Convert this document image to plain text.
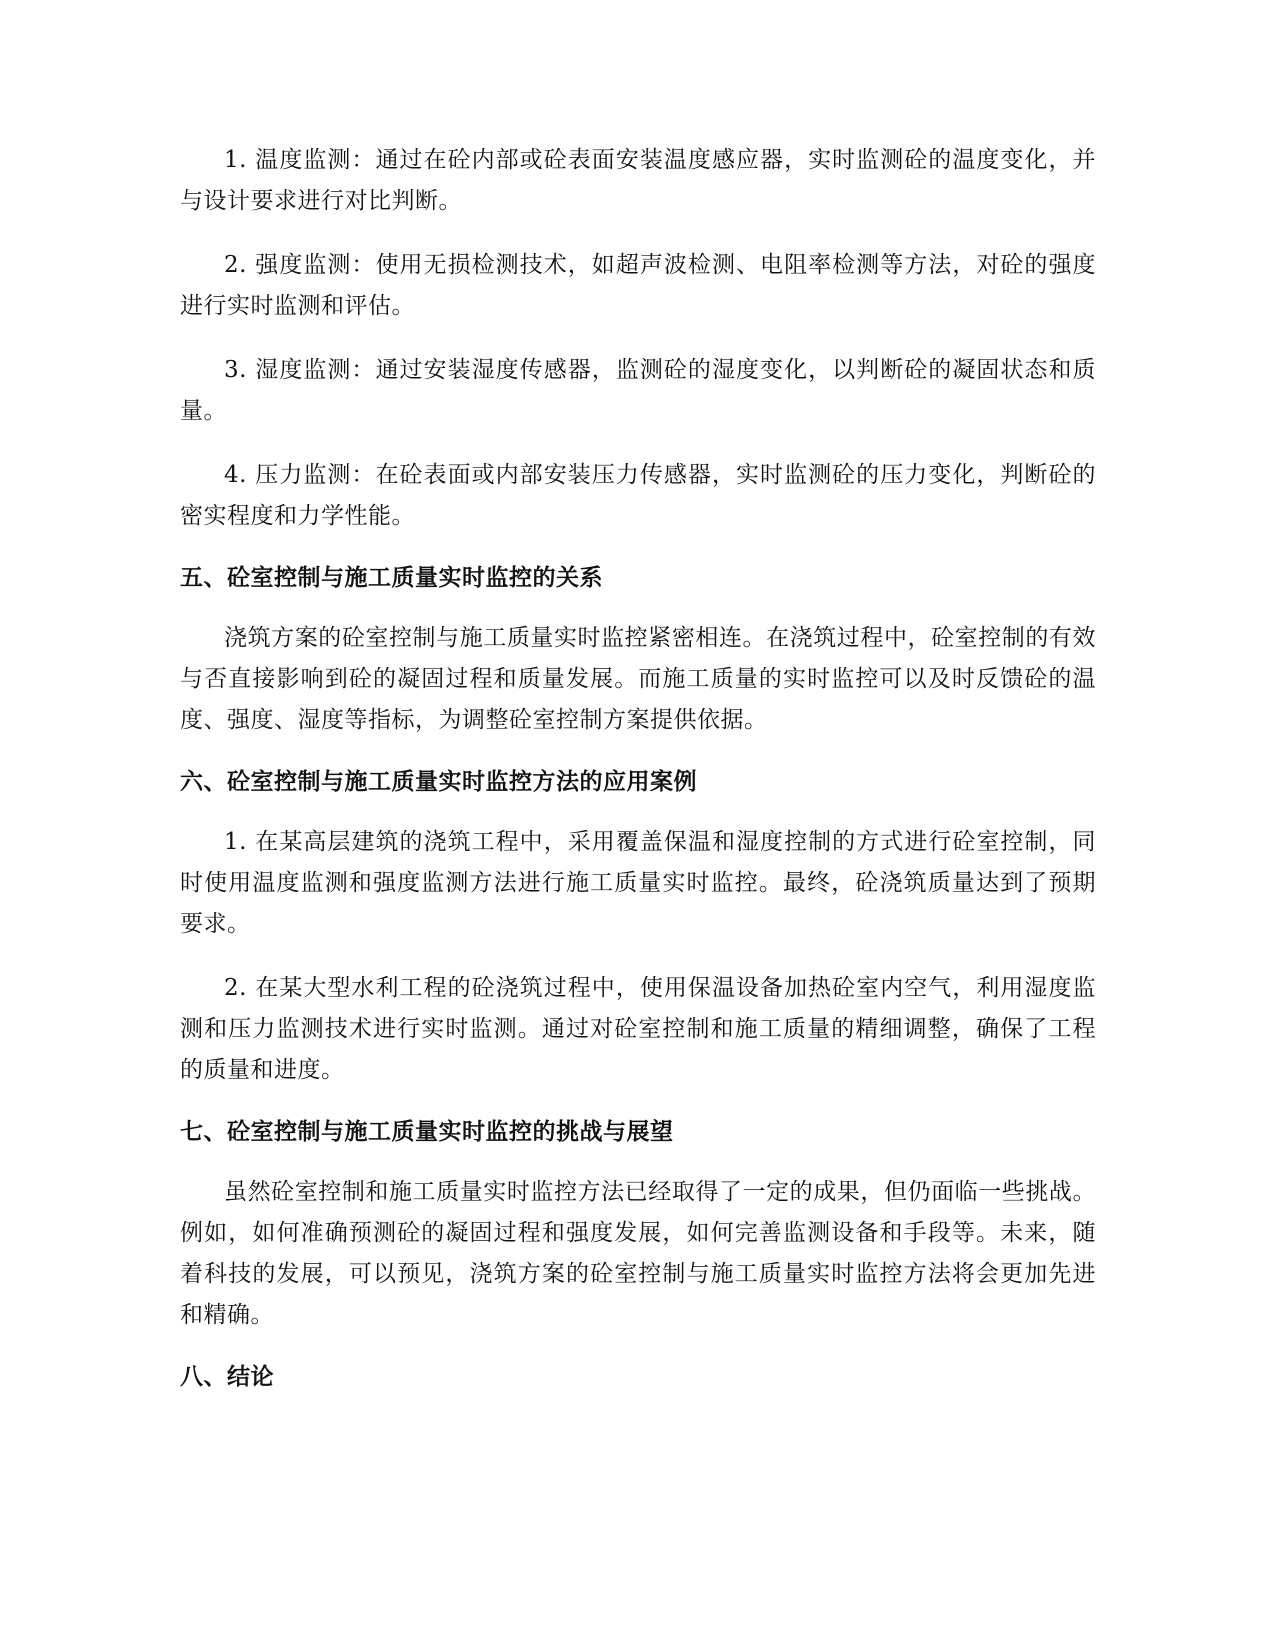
1. 温度监测：通过在砼内部或砼表面安装温度感应器，实时监测砼的温度变化，并与设计要求进行对比判断。

2. 强度监测：使用无损检测技术，如超声波检测、电阻率检测等方法，对砼的强度进行实时监测和评估。

3. 湿度监测：通过安装湿度传感器，监测砼的湿度变化，以判断砼的凝固状态和质量。

4. 压力监测：在砼表面或内部安装压力传感器，实时监测砼的压力变化，判断砼的密实程度和力学性能。

五、砼室控制与施工质量实时监控的关系

浇筑方案的砼室控制与施工质量实时监控紧密相连。在浇筑过程中，砼室控制的有效与否直接影响到砼的凝固过程和质量发展。而施工质量的实时监控可以及时反馈砼的温度、强度、湿度等指标，为调整砼室控制方案提供依据。

六、砼室控制与施工质量实时监控方法的应用案例

1. 在某高层建筑的浇筑工程中，采用覆盖保温和湿度控制的方式进行砼室控制，同时使用温度监测和强度监测方法进行施工质量实时监控。最终，砼浇筑质量达到了预期要求。

2. 在某大型水利工程的砼浇筑过程中，使用保温设备加热砼室内空气，利用湿度监测和压力监测技术进行实时监测。通过对砼室控制和施工质量的精细调整，确保了工程的质量和进度。

七、砼室控制与施工质量实时监控的挑战与展望

虽然砼室控制和施工质量实时监控方法已经取得了一定的成果，但仍面临一些挑战。例如，如何准确预测砼的凝固过程和强度发展，如何完善监测设备和手段等。未来，随着科技的发展，可以预见，浇筑方案的砼室控制与施工质量实时监控方法将会更加先进和精确。

八、结论
